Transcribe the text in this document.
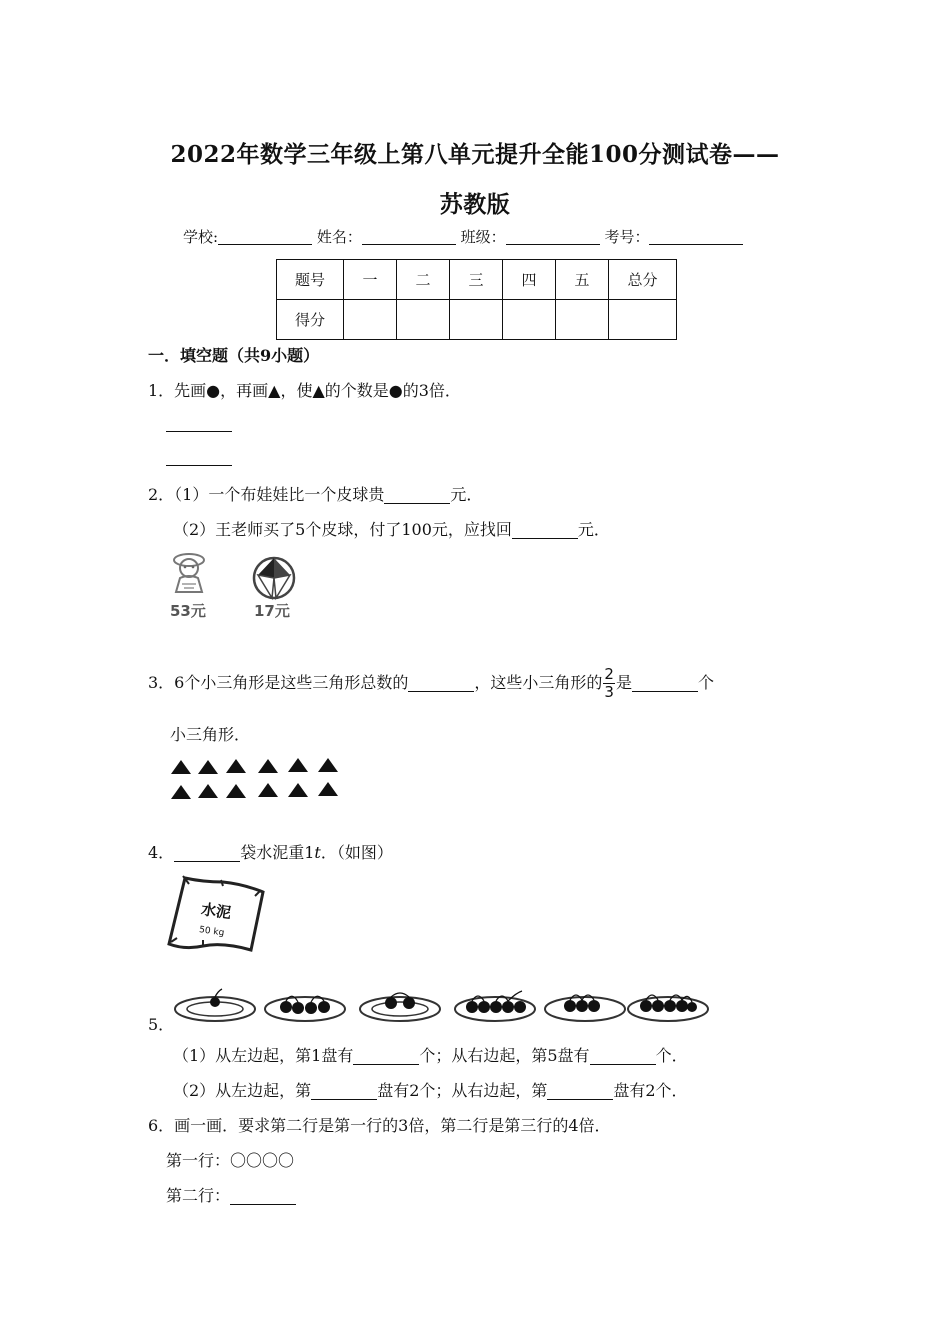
2022年数学三年级上第八单元提升全能100分测试卷——
苏教版
学校:	姓名：	班级：	考号：
题号	一	二	三	四	五	总分
得分						
一．填空题（共9小题）
1．先画●，再画▲，使▲的个数是●的3倍．
2．（1）一个布娃娃比一个皮球贵	元．
（2）王老师买了5个皮球，付了100元，应找回	元．
53元	17元
3．6个小三角形是这些三角形总数的	，这些小三角形的 $\frac{2}{3}$ 是	个
小三角形．
4．	袋水泥重1t．（如图）
水泥
50 kg
5．
（1）从左边起，第1盘有	个；从右边起，第5盘有	个．
（2）从左边起，第	盘有2个；从右边起，第	盘有2个．
6．画一画．要求第二行是第一行的3倍，第二行是第三行的4倍．
第一行：〇〇〇〇
第二行：
